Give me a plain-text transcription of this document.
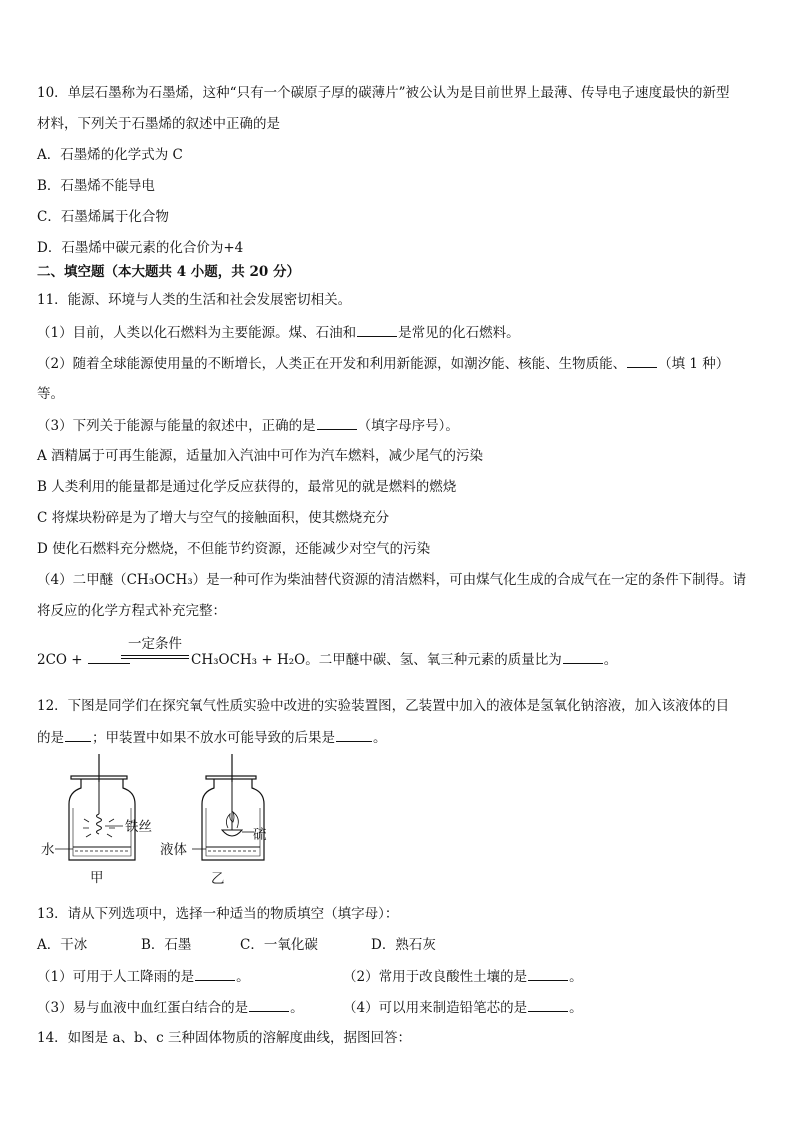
10．单层石墨称为石墨烯，这种“只有一个碳原子厚的碳薄片”被公认为是目前世界上最薄、传导电子速度最快的新型
材料，下列关于石墨烯的叙述中正确的是
A．石墨烯的化学式为 C
B．石墨烯不能导电
C．石墨烯属于化合物
D．石墨烯中碳元素的化合价为+4
二、填空题（本大题共 4 小题，共 20 分）
11．能源、环境与人类的生活和社会发展密切相关。
（1）目前，人类以化石燃料为主要能源。煤、石油和	是常见的化石燃料。
（2）随着全球能源使用量的不断增长，人类正在开发和利用新能源，如潮汐能、核能、生物质能、 （填 1 种）
等。
（3）下列关于能源与能量的叙述中，正确的是	（填字母序号）。
A 酒精属于可再生能源，适量加入汽油中可作为汽车燃料，减少尾气的污染
B 人类利用的能量都是通过化学反应获得的，最常见的就是燃料的燃烧
C 将煤块粉碎是为了增大与空气的接触面积，使其燃烧充分
D 使化石燃料充分燃烧，不但能节约资源，还能减少对空气的污染
（4）二甲醚（CH₃OCH₃）是一种可作为柴油替代资源的清洁燃料，可由煤气化生成的合成气在一定的条件下制得。请
将反应的化学方程式补充完整：
2CO +
一定条件
CH₃OCH₃ + H₂O。二甲醚中碳、氢、氧三种元素的质量比为	。
12．下图是同学们在探究氧气性质实验中改进的实验装置图，乙装置中加入的液体是氢氧化钠溶液，加入该液体的目
的是 ；甲装置中如果不放水可能导致的后果是	。
铁丝
水
甲
硫
液体
乙
13．请从下列选项中，选择一种适当的物质填空（填字母）：
A．干冰	B．石墨	C．一氧化碳	D．熟石灰
（1）可用于人工降雨的是	。	（2）常用于改良酸性土壤的是	。
（3）易与血液中血红蛋白结合的是	。	（4）可以用来制造铅笔芯的是	。
14．如图是 a、b、c 三种固体物质的溶解度曲线，据图回答：
